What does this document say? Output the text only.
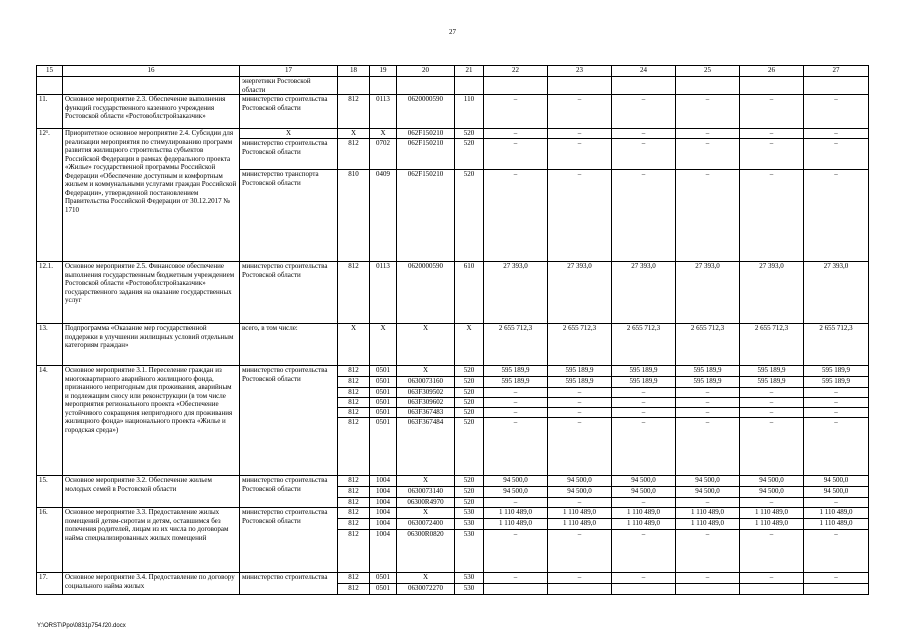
27
15	16	17	18	19	20	21	22	23	24	25	26	27
		энергетики Ростовской области										
11.	Основное мероприятие 2.3. Обеспечение выполнения функций государственного казенного учреждения Ростовской области «Ростовоблстройзаказчик»	министерство строительства Ростовской области	812	0113	0620000590	110	–	–	–	–	–	–
12¹.	Приоритетное основное мероприятие 2.4. Субсидии для реализации мероприятия по стимулированию программ развития жилищного строительства субъектов Российской Федерации в рамках федерального проекта «Жилье» государственной программы Российской Федерации «Обеспечение доступным и комфортным жильем и коммунальными услугами граждан Российской Федерации», утвержденной постановлением Правительства Российской Федерации от 30.12.2017 № 1710	Х	Х	Х	062F150210	520	–	–	–	–	–	–
		министерство строительства Ростовской области	812	0702	062F150210	520	–	–	–	–	–	–
		министерство транспорта Ростовской области	810	0409	062F150210	520	–	–	–	–	–	–
12.1.	Основное мероприятие 2.5. Финансовое обеспечение выполнения государственным бюджетным учреждением Ростовской области «Ростовоблстройзаказчик» государственного задания на оказание государственных услуг	министерство строительства Ростовской области	812	0113	0620000590	610	27 393,0	27 393,0	27 393,0	27 393,0	27 393,0	27 393,0
13.	Подпрограмма «Оказание мер государственной поддержки в улучшении жилищных условий отдельным категориям граждан»	всего, в том числе:	Х	Х	Х	Х	2 655 712,3	2 655 712,3	2 655 712,3	2 655 712,3	2 655 712,3	2 655 712,3
14.	Основное мероприятие 3.1. Переселение граждан из многоквартирного аварийного жилищного фонда, признанного непригодным для проживания, аварийным и подлежащим сносу или реконструкции (в том числе мероприятия регионального проекта «Обеспечение устойчивого сокращения непригодного для проживания жилищного фонда» национального проекта «Жилье и городская среда»)	министерство строительства Ростовской области	812	0501	Х	520	595 189,9	595 189,9	595 189,9	595 189,9	595 189,9	595 189,9
			812	0501	0630073160	520	595 189,9	595 189,9	595 189,9	595 189,9	595 189,9	595 189,9
			812	0501	063F309502	520	–	–	–	–	–	–
			812	0501	063F309602	520	–	–	–	–	–	–
			812	0501	063F367483	520	–	–	–	–	–	–
			812	0501	063F367484	520	–	–	–	–	–	–
15.	Основное мероприятие 3.2. Обеспечение жильем молодых семей в Ростовской области	министерство строительства Ростовской области	812	1004	Х	520	94 500,0	94 500,0	94 500,0	94 500,0	94 500,0	94 500,0
			812	1004	0630073140	520	94 500,0	94 500,0	94 500,0	94 500,0	94 500,0	94 500,0
			812	1004	06300R4970	520	–	–	–	–	–	–
16.	Основное мероприятие 3.3. Предоставление жилых помещений детям-сиротам и детям, оставшимся без попечения родителей, лицам из их числа по договорам найма специализированных жилых помещений	министерство строительства Ростовской области	812	1004	Х	530	1 110 489,0	1 110 489,0	1 110 489,0	1 110 489,0	1 110 489,0	1 110 489,0
			812	1004	0630072400	530	1 110 489,0	1 110 489,0	1 110 489,0	1 110 489,0	1 110 489,0	1 110 489,0
			812	1004	06300R0820	530	–	–	–	–	–	–
17.	Основное мероприятие 3.4. Предоставление по договору социального найма жилых	министерство строительства	812	0501	Х	530	–	–	–	–	–	–
			812	0501	0630072270	530						
Y:\ORST\Ppo\0831p754.f20.docx
